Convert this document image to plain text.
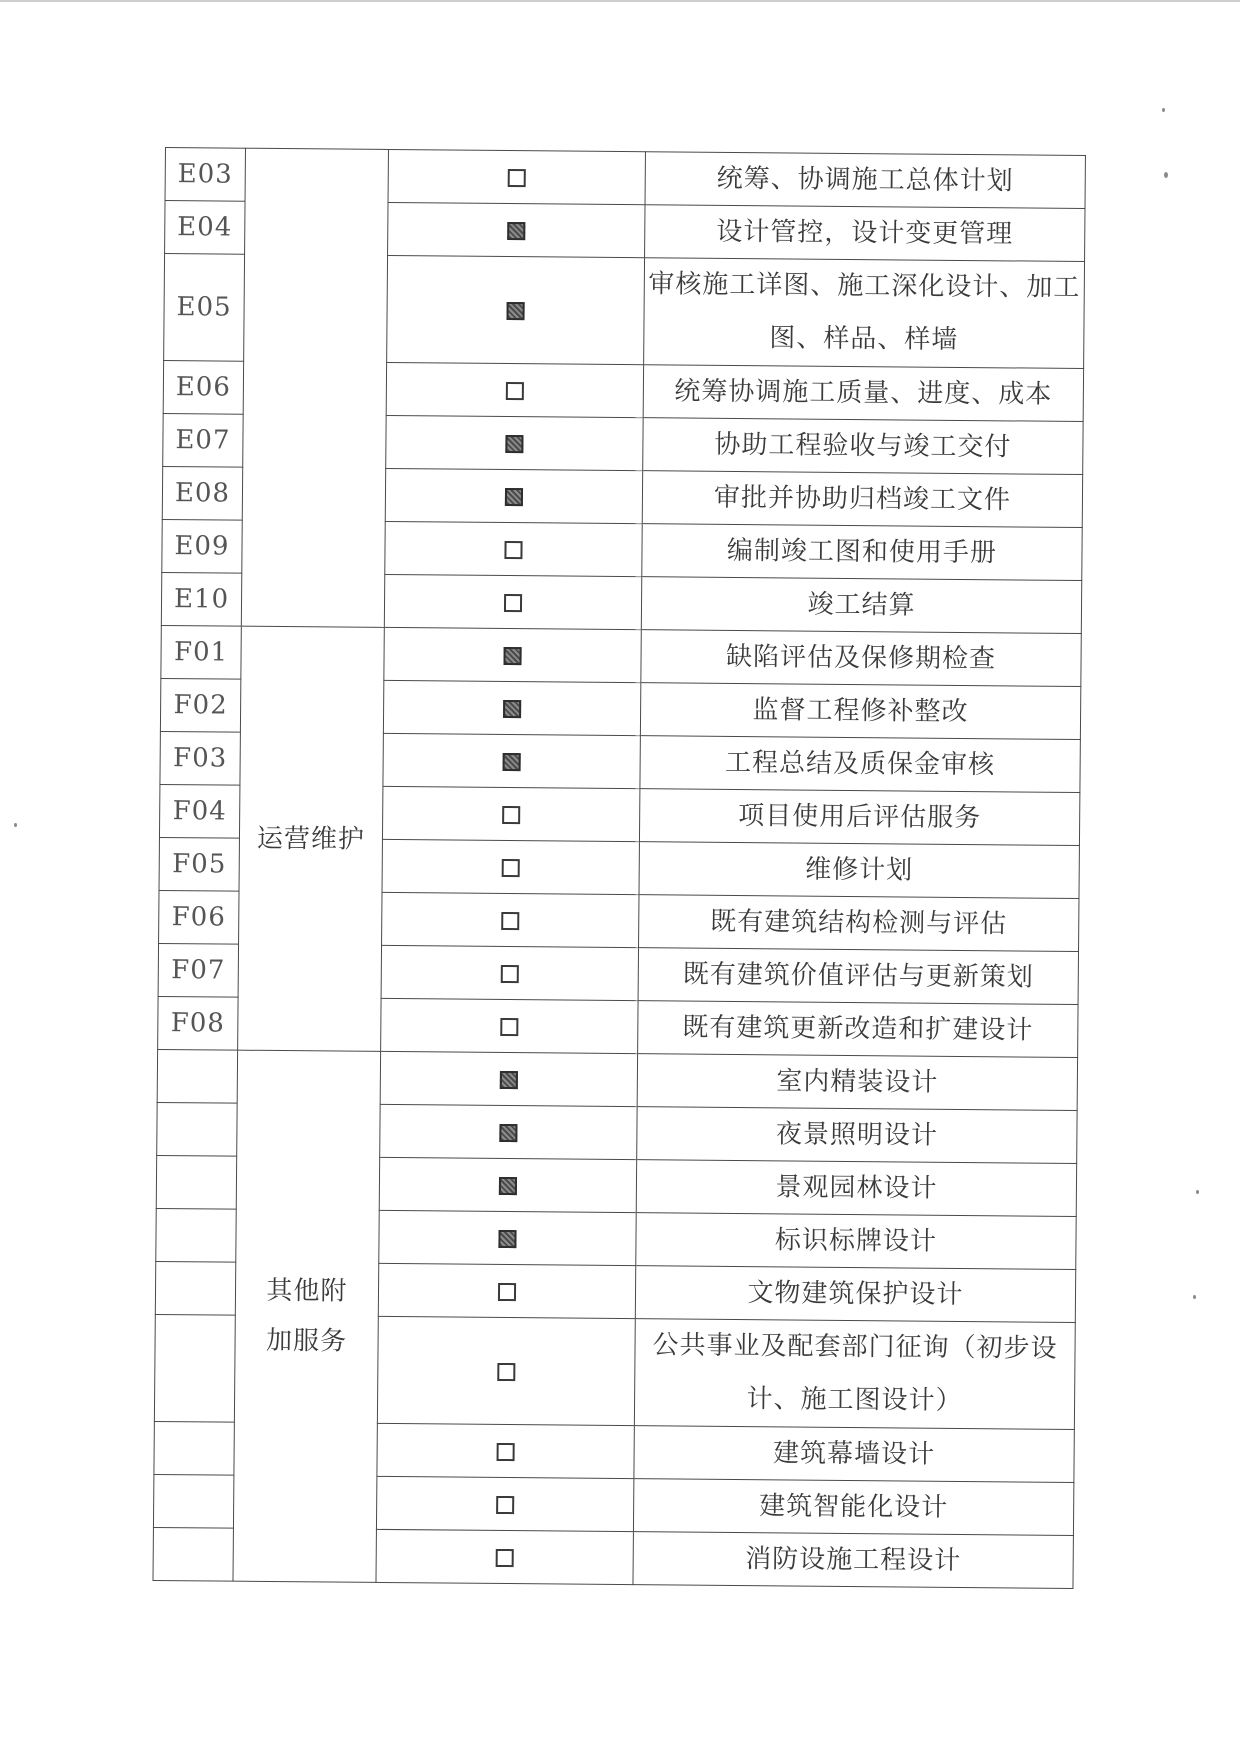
E03			统筹、协调施工总体计划
E04			设计管控，设计变更管理
E05			审核施工详图、施工深化设计、加工图、样品、样墙
E06			统筹协调施工质量、进度、成本
E07			协助工程验收与竣工交付
E08			审批并协助归档竣工文件
E09			编制竣工图和使用手册
E10			竣工结算
F01	运营维护		缺陷评估及保修期检查
F02			监督工程修补整改
F03			工程总结及质保金审核
F04			项目使用后评估服务
F05			维修计划
F06			既有建筑结构检测与评估
F07			既有建筑价值评估与更新策划
F08			既有建筑更新改造和扩建设计
	其他附加服务		室内精装设计
			夜景照明设计
			景观园林设计
			标识标牌设计
			文物建筑保护设计
			公共事业及配套部门征询（初步设计、施工图设计）
			建筑幕墙设计
			建筑智能化设计
			消防设施工程设计
